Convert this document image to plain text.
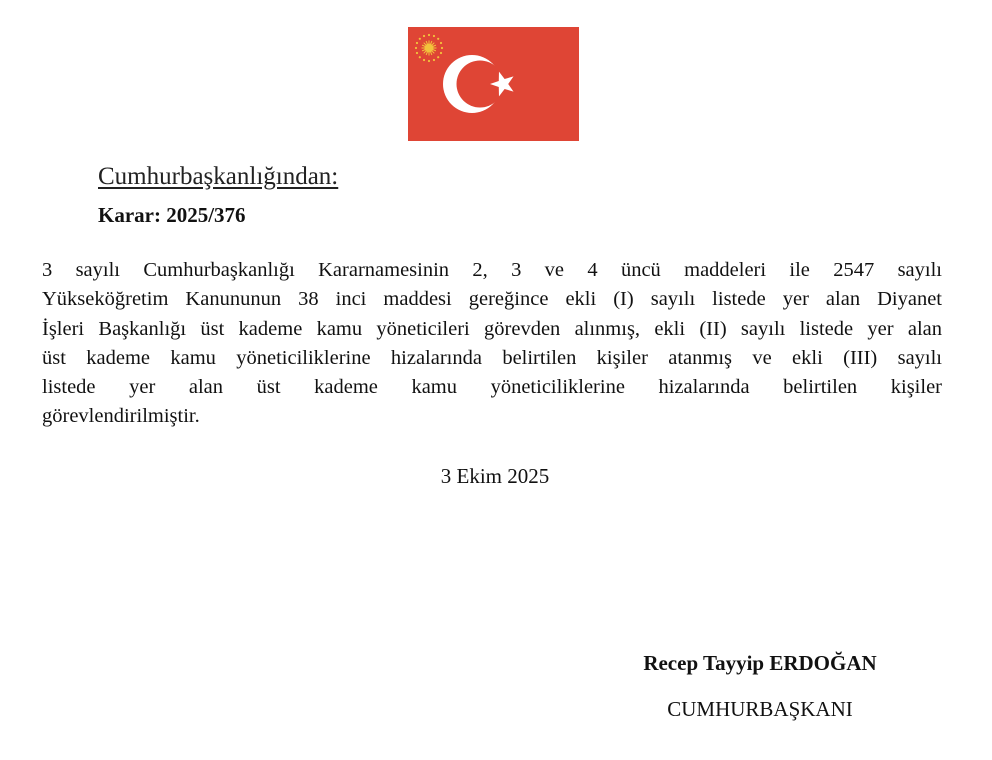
Cumhurbaşkanlığından:
Karar: 2025/376
3 sayılı Cumhurbaşkanlığı Kararnamesinin 2, 3 ve 4 üncü maddeleri ile 2547 sayılı
Yükseköğretim Kanununun 38 inci maddesi gereğince ekli (I) sayılı listede yer alan Diyanet
İşleri Başkanlığı üst kademe kamu yöneticileri görevden alınmış, ekli (II) sayılı listede yer alan
üst kademe kamu yöneticiliklerine hizalarında belirtilen kişiler atanmış ve ekli (III) sayılı
listede yer alan üst kademe kamu yöneticiliklerine hizalarında belirtilen kişiler
görevlendirilmiştir.
3 Ekim 2025
Recep Tayyip ERDOĞAN
CUMHURBAŞKANI
